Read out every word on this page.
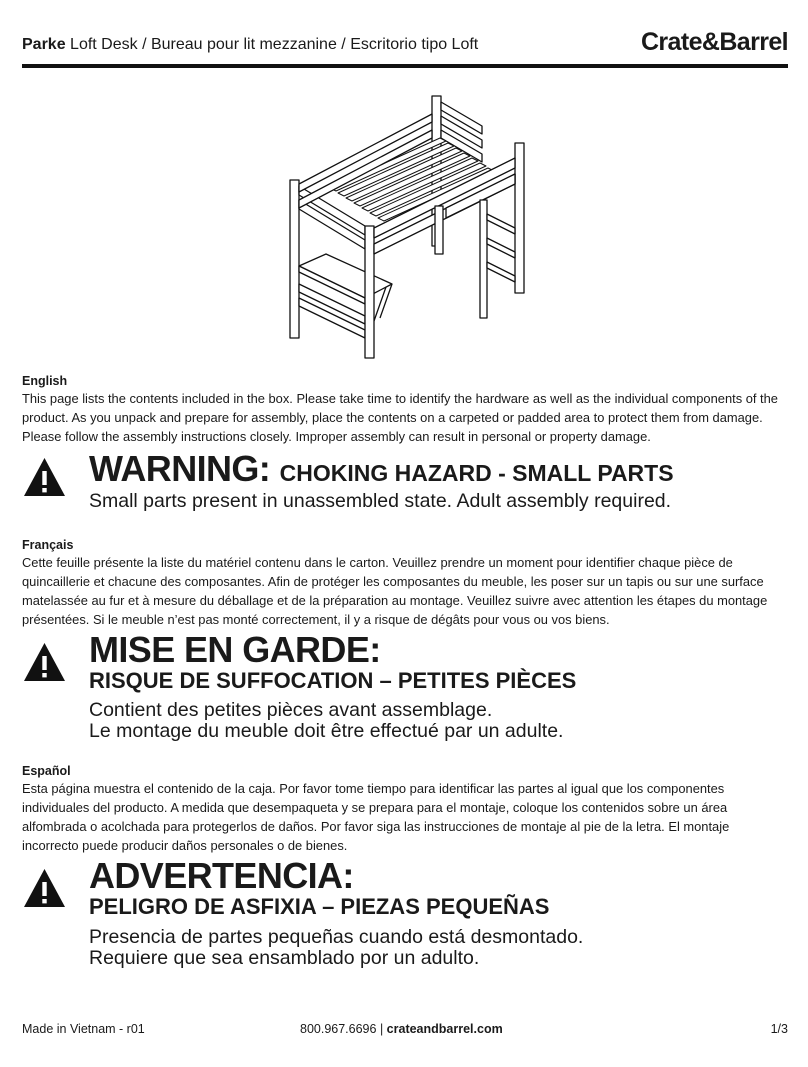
Parke Loft Desk / Bureau pour lit mezzanine / Escritorio tipo Loft	Crate&Barrel
English
This page lists the contents included in the box. Please take time to identify the hardware as well as the individual components of the product. As you unpack and prepare for assembly, place the contents on a carpeted or padded area to protect them from damage. Please follow the assembly instructions closely. Improper assembly can result in personal or property damage.
WARNING: CHOKING HAZARD - SMALL PARTS
Small parts present in unassembled state. Adult assembly required.
Français
Cette feuille présente la liste du matériel contenu dans le carton. Veuillez prendre un moment pour identifier chaque pièce de quincaillerie et chacune des composantes. Afin de protéger les composantes du meuble, les poser sur un tapis ou sur une surface matelassée au fur et à mesure du déballage et de la préparation au montage. Veuillez suivre avec attention les étapes du montage présentées. Si le meuble n’est pas monté correctement, il y a risque de dégâts pour vous ou vos biens.
MISE EN GARDE:
RISQUE DE SUFFOCATION – PETITES PIÈCES
Contient des petites pièces avant assemblage.
Le montage du meuble doit être effectué par un adulte.
Español
Esta página muestra el contenido de la caja. Por favor tome tiempo para identificar las partes al igual que los componentes individuales del producto. A medida que desempaqueta y se prepara para el montaje, coloque los contenidos sobre un área alfombrada o acolchada para protegerlos de daños. Por favor siga las instrucciones de montaje al pie de la letra. El montaje incorrecto puede producir daños personales o de bienes.
ADVERTENCIA:
PELIGRO DE ASFIXIA – PIEZAS PEQUEÑAS
Presencia de partes pequeñas cuando está desmontado.
Requiere que sea ensamblado por un adulto.
Made in Vietnam - r01	800.967.6696 | crateandbarrel.com	1/3
